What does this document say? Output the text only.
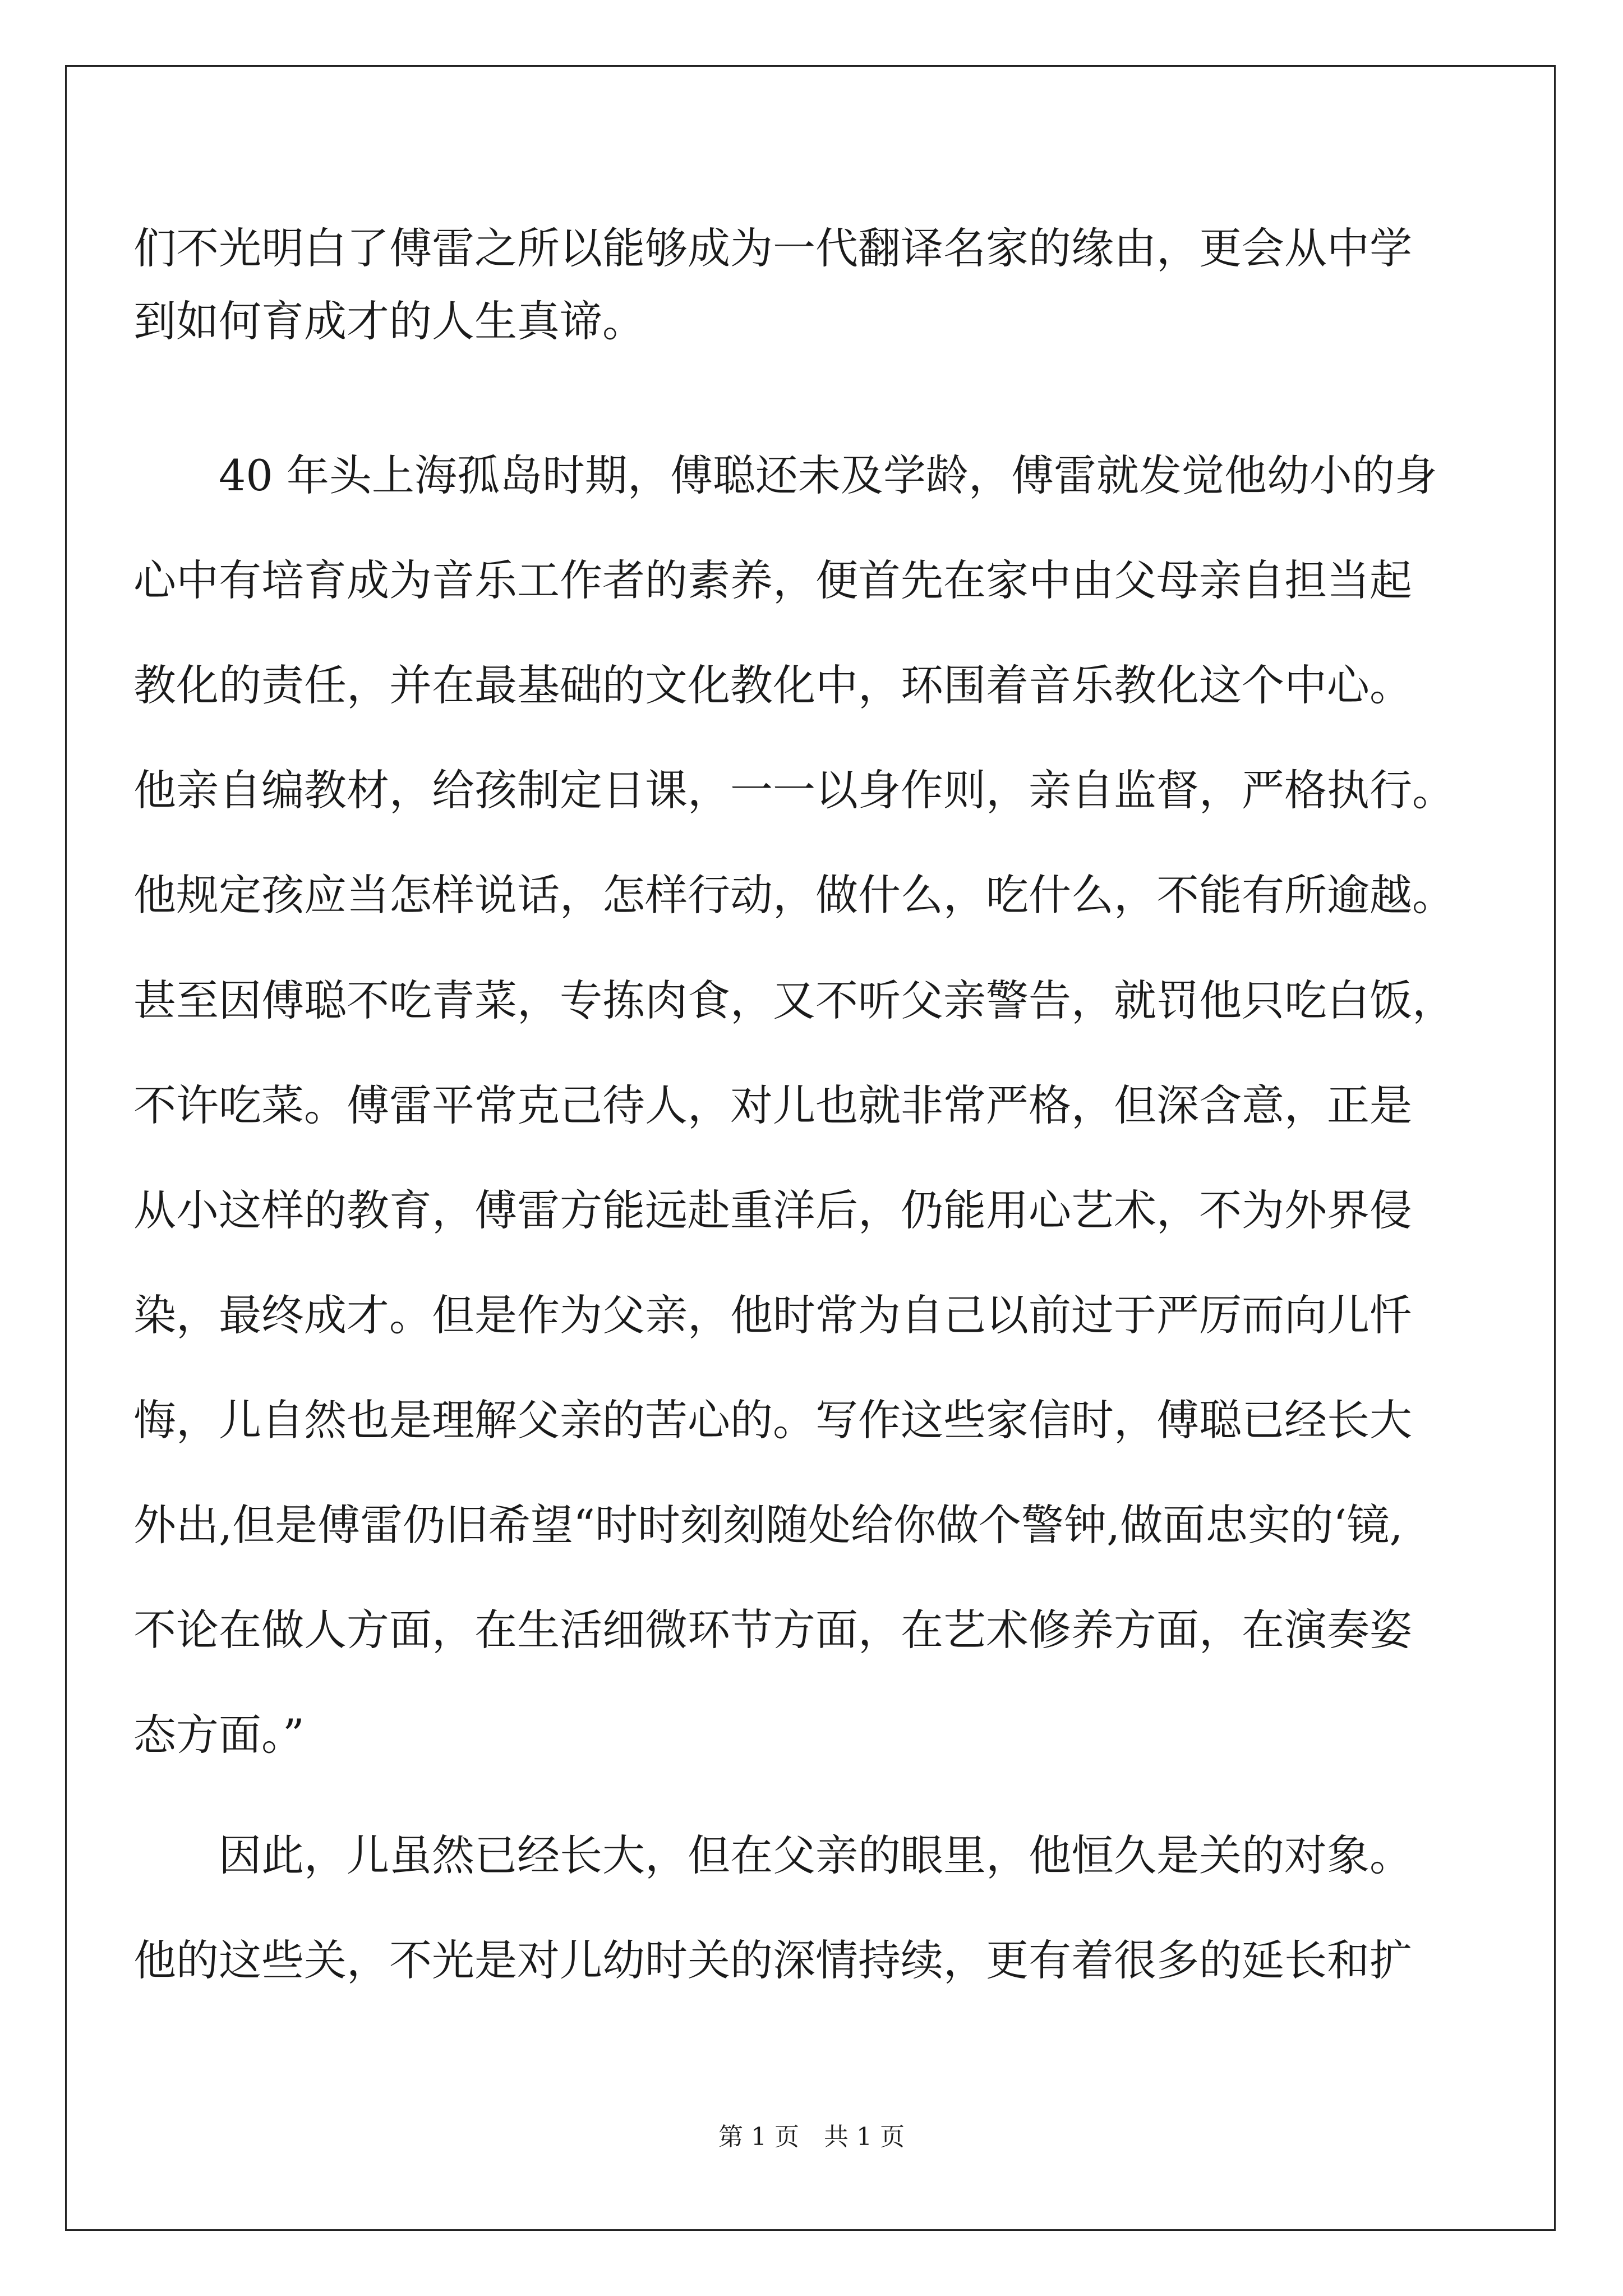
们不光明白了傅雷之所以能够成为一代翻译名家的缘由，更会从中学
到如何育成才的人生真谛。
　　40 年头上海孤岛时期，傅聪还未及学龄，傅雷就发觉他幼小的身
心中有培育成为音乐工作者的素养，便首先在家中由父母亲自担当起
教化的责任，并在最基础的文化教化中，环围着音乐教化这个中心。
他亲自编教材，给孩制定日课，一一以身作则，亲自监督，严格执行。
他规定孩应当怎样说话，怎样行动，做什么，吃什么，不能有所逾越。
甚至因傅聪不吃青菜，专拣肉食，又不听父亲警告，就罚他只吃白饭，
不许吃菜。傅雷平常克己待人，对儿也就非常严格，但深含意，正是
从小这样的教育，傅雷方能远赴重洋后，仍能用心艺术，不为外界侵
染，最终成才。但是作为父亲，他时常为自己以前过于严厉而向儿忏
悔，儿自然也是理解父亲的苦心的。写作这些家信时，傅聪已经长大
外出,但是傅雷仍旧希望“时时刻刻随处给你做个警钟,做面忠实的‘镜,
不论在做人方面，在生活细微环节方面，在艺术修养方面，在演奏姿
态方面。”
　　因此，儿虽然已经长大，但在父亲的眼里，他恒久是关的对象。
他的这些关，不光是对儿幼时关的深情持续，更有着很多的延长和扩
第 1 页　共 1 页
